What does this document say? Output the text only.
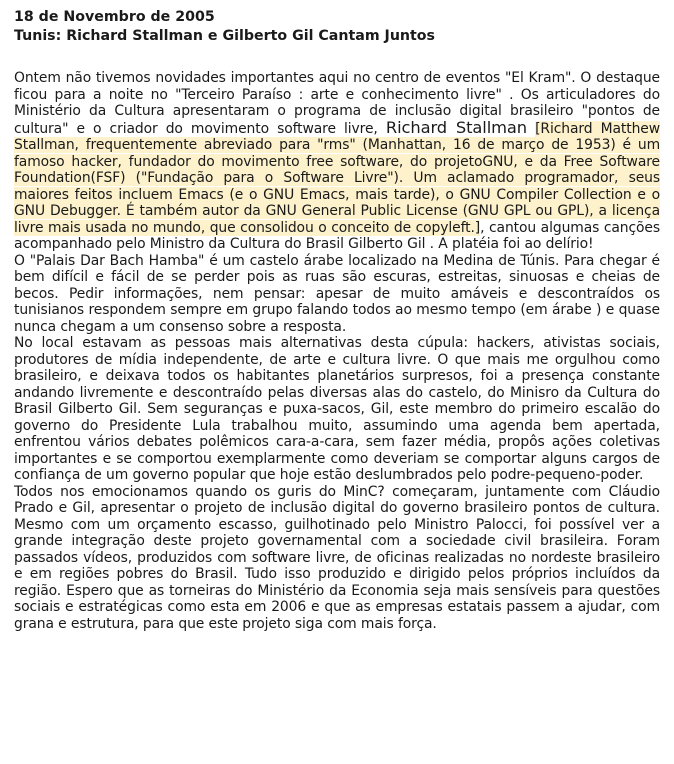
18 de Novembro de 2005
Tunis: Richard Stallman e Gilberto Gil Cantam Juntos

Ontem não tivemos novidades importantes aqui no centro de eventos "El Kram". O destaque ficou para a noite no "Terceiro Paraíso : arte e conhecimento livre" . Os articuladores do Ministério da Cultura apresentaram o programa de inclusão digital brasileiro "pontos de cultura" e o criador do movimento software livre, Richard Stallman [Richard Matthew Stallman, frequentemente abreviado para "rms" (Manhattan, 16 de março de 1953) é um famoso hacker, fundador do movimento free software, do projetoGNU, e da Free Software Foundation(FSF) ("Fundação para o Software Livre"). Um aclamado programador, seus maiores feitos incluem Emacs (e o GNU Emacs, mais tarde), o GNU Compiler Collection e o GNU Debugger. É também autor da GNU General Public License (GNU GPL ou GPL), a licença livre mais usada no mundo, que consolidou o conceito de copyleft.], cantou algumas canções acompanhado pelo Ministro da Cultura do Brasil Gilberto Gil . A platéia foi ao delírio!

O "Palais Dar Bach Hamba" é um castelo árabe localizado na Medina de Túnis. Para chegar é bem difícil e fácil de se perder pois as ruas são escuras, estreitas, sinuosas e cheias de becos. Pedir informações, nem pensar: apesar de muito amáveis e descontraídos os tunisianos respondem sempre em grupo falando todos ao mesmo tempo (em árabe ) e quase nunca chegam a um consenso sobre a resposta.

No local estavam as pessoas mais alternativas desta cúpula: hackers, ativistas sociais, produtores de mídia independente, de arte e cultura livre. O que mais me orgulhou como brasileiro, e deixava todos os habitantes planetários surpresos, foi a presença constante andando livremente e descontraído pelas diversas alas do castelo, do Minisro da Cultura do Brasil Gilberto Gil. Sem seguranças e puxa-sacos, Gil, este membro do primeiro escalão do governo do Presidente Lula trabalhou muito, assumindo uma agenda bem apertada, enfrentou vários debates polêmicos cara-a-cara, sem fazer média, propôs ações coletivas importantes e se comportou exemplarmente como deveriam se comportar alguns cargos de confiança de um governo popular que hoje estão deslumbrados pelo podre-pequeno-poder.

Todos nos emocionamos quando os guris do MinC? começaram, juntamente com Cláudio Prado e Gil, apresentar o projeto de inclusão digital do governo brasileiro pontos de cultura. Mesmo com um orçamento escasso, guilhotinado pelo Ministro Palocci, foi possível ver a grande integração deste projeto governamental com a sociedade civil brasileira. Foram passados vídeos, produzidos com software livre, de oficinas realizadas no nordeste brasileiro e em regiões pobres do Brasil. Tudo isso produzido e dirigido pelos próprios incluídos da região. Espero que as torneiras do Ministério da Economia seja mais sensíveis para questões sociais e estratégicas como esta em 2006 e que as empresas estatais passem a ajudar, com grana e estrutura, para que este projeto siga com mais força.
